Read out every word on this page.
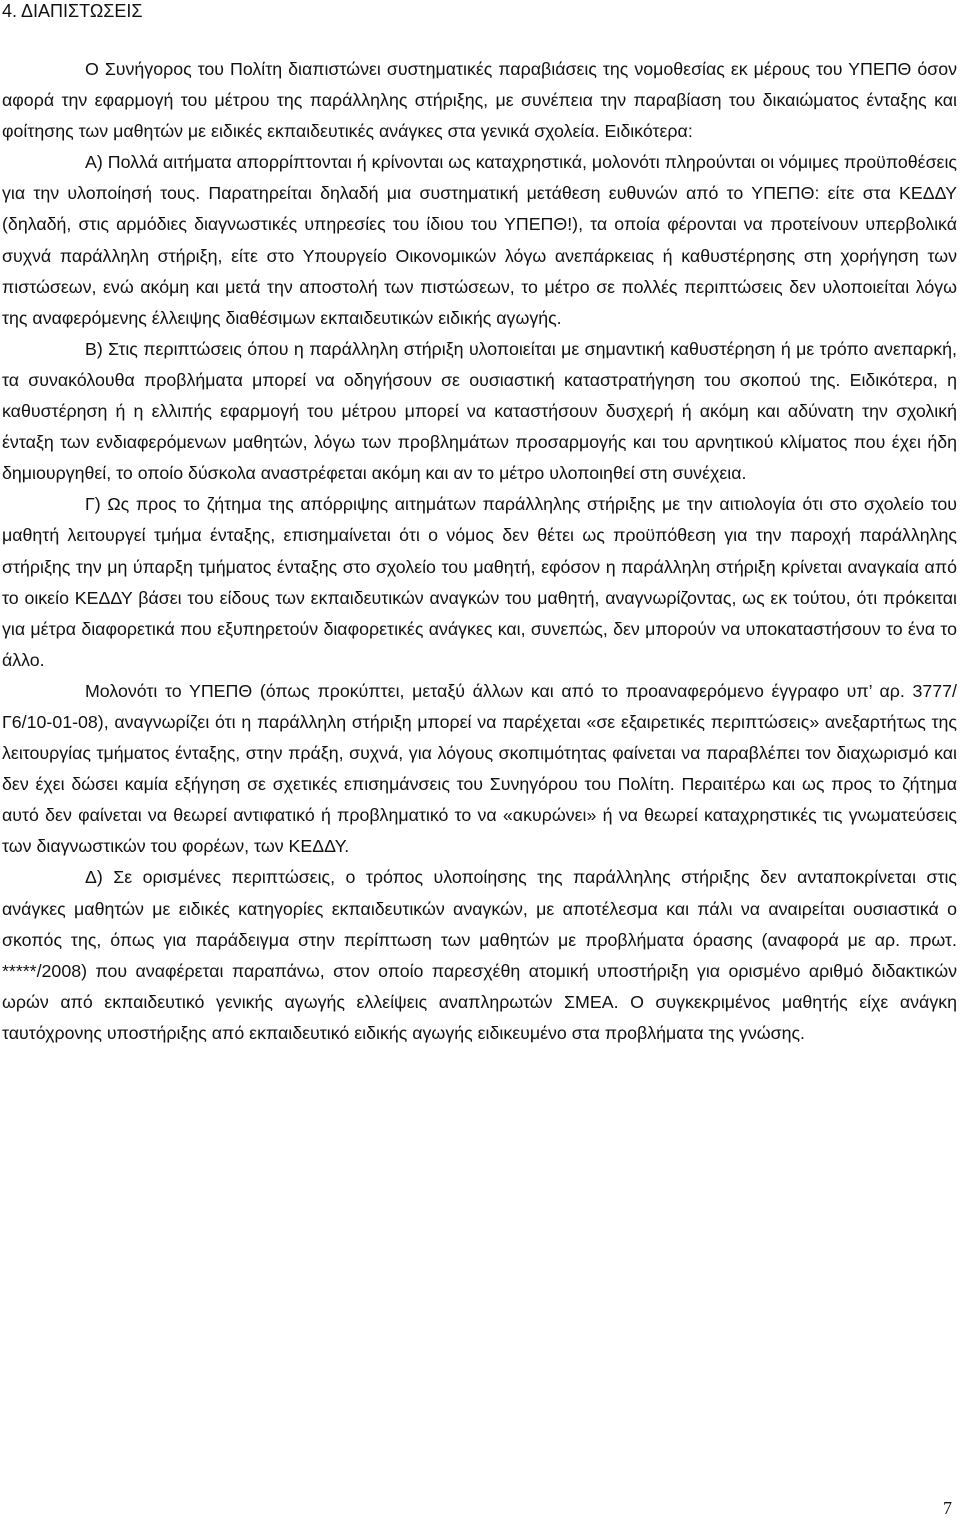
4. ΔΙΑΠΙΣΤΩΣΕΙΣ

Ο Συνήγορος του Πολίτη διαπιστώνει συστηματικές παραβιάσεις της νομοθεσίας εκ μέρους του ΥΠΕΠΘ όσον αφορά την εφαρμογή του μέτρου της παράλληλης στήριξης, με συνέπεια την παραβίαση του δικαιώματος ένταξης και φοίτησης των μαθητών με ειδικές εκπαιδευτικές ανάγκες στα γενικά σχολεία. Ειδικότερα:

Α) Πολλά αιτήματα απορρίπτονται ή κρίνονται ως καταχρηστικά, μολονότι πληρούνται οι νόμιμες προϋποθέσεις για την υλοποίησή τους. Παρατηρείται δηλαδή μια συστηματική μετάθεση ευθυνών από το ΥΠΕΠΘ: είτε στα ΚΕΔΔΥ (δηλαδή, στις αρμόδιες διαγνωστικές υπηρεσίες του ίδιου του ΥΠΕΠΘ!), τα οποία φέρονται να προτείνουν υπερβολικά συχνά παράλληλη στήριξη, είτε στο Υπουργείο Οικονομικών λόγω ανεπάρκειας ή καθυστέρησης στη χορήγηση των πιστώσεων, ενώ ακόμη και μετά την αποστολή των πιστώσεων, το μέτρο σε πολλές περιπτώσεις δεν υλοποιείται λόγω της αναφερόμενης έλλειψης διαθέσιμων εκπαιδευτικών ειδικής αγωγής.

Β) Στις περιπτώσεις όπου η παράλληλη στήριξη υλοποιείται με σημαντική καθυστέρηση ή με τρόπο ανεπαρκή, τα συνακόλουθα προβλήματα μπορεί να οδηγήσουν σε ουσιαστική καταστρατήγηση του σκοπού της. Ειδικότερα, η καθυστέρηση ή η ελλιπής εφαρμογή του μέτρου μπορεί να καταστήσουν δυσχερή ή ακόμη και αδύνατη την σχολική ένταξη των ενδιαφερόμενων μαθητών, λόγω των προβλημάτων προσαρμογής και του αρνητικού κλίματος που έχει ήδη δημιουργηθεί, το οποίο δύσκολα αναστρέφεται ακόμη και αν το μέτρο υλοποιηθεί στη συνέχεια.

Γ) Ως προς το ζήτημα της απόρριψης αιτημάτων παράλληλης στήριξης με την αιτιολογία ότι στο σχολείο του μαθητή λειτουργεί τμήμα ένταξης, επισημαίνεται ότι ο νόμος δεν θέτει ως προϋπόθεση για την παροχή παράλληλης στήριξης την μη ύπαρξη τμήματος ένταξης στο σχολείο του μαθητή, εφόσον η παράλληλη στήριξη κρίνεται αναγκαία από το οικείο ΚΕΔΔΥ βάσει του είδους των εκπαιδευτικών αναγκών του μαθητή, αναγνωρίζοντας, ως εκ τούτου, ότι πρόκειται για μέτρα διαφορετικά που εξυπηρετούν διαφορετικές ανάγκες και, συνεπώς, δεν μπορούν να υποκαταστήσουν το ένα το άλλο.

Μολονότι το ΥΠΕΠΘ (όπως προκύπτει, μεταξύ άλλων και από το προαναφερόμενο έγγραφο υπ’ αρ. 3777/Γ6/10-01-08), αναγνωρίζει ότι η παράλληλη στήριξη μπορεί να παρέχεται «σε εξαιρετικές περιπτώσεις» ανεξαρτήτως της λειτουργίας τμήματος ένταξης, στην πράξη, συχνά, για λόγους σκοπιμότητας φαίνεται να παραβλέπει τον διαχωρισμό και δεν έχει δώσει καμία εξήγηση σε σχετικές επισημάνσεις του Συνηγόρου του Πολίτη. Περαιτέρω και ως προς το ζήτημα αυτό δεν φαίνεται να θεωρεί αντιφατικό ή προβληματικό το να «ακυρώνει» ή να θεωρεί καταχρηστικές τις γνωματεύσεις των διαγνωστικών του φορέων, των ΚΕΔΔΥ.

Δ) Σε ορισμένες περιπτώσεις, ο τρόπος υλοποίησης της παράλληλης στήριξης δεν ανταποκρίνεται στις ανάγκες μαθητών με ειδικές κατηγορίες εκπαιδευτικών αναγκών, με αποτέλεσμα και πάλι να αναιρείται ουσιαστικά ο σκοπός της, όπως για παράδειγμα στην περίπτωση των μαθητών με προβλήματα όρασης (αναφορά με αρ. πρωτ. *****/2008) που αναφέρεται παραπάνω, στον οποίο παρεσχέθη ατομική υποστήριξη για ορισμένο αριθμό διδακτικών ωρών από εκπαιδευτικό γενικής αγωγής ελλείψεις αναπληρωτών ΣΜΕΑ. Ο συγκεκριμένος μαθητής είχε ανάγκη ταυτόχρονης υποστήριξης από εκπαιδευτικό ειδικής αγωγής ειδικευμένο στα προβλήματα της γνώσης.

7
